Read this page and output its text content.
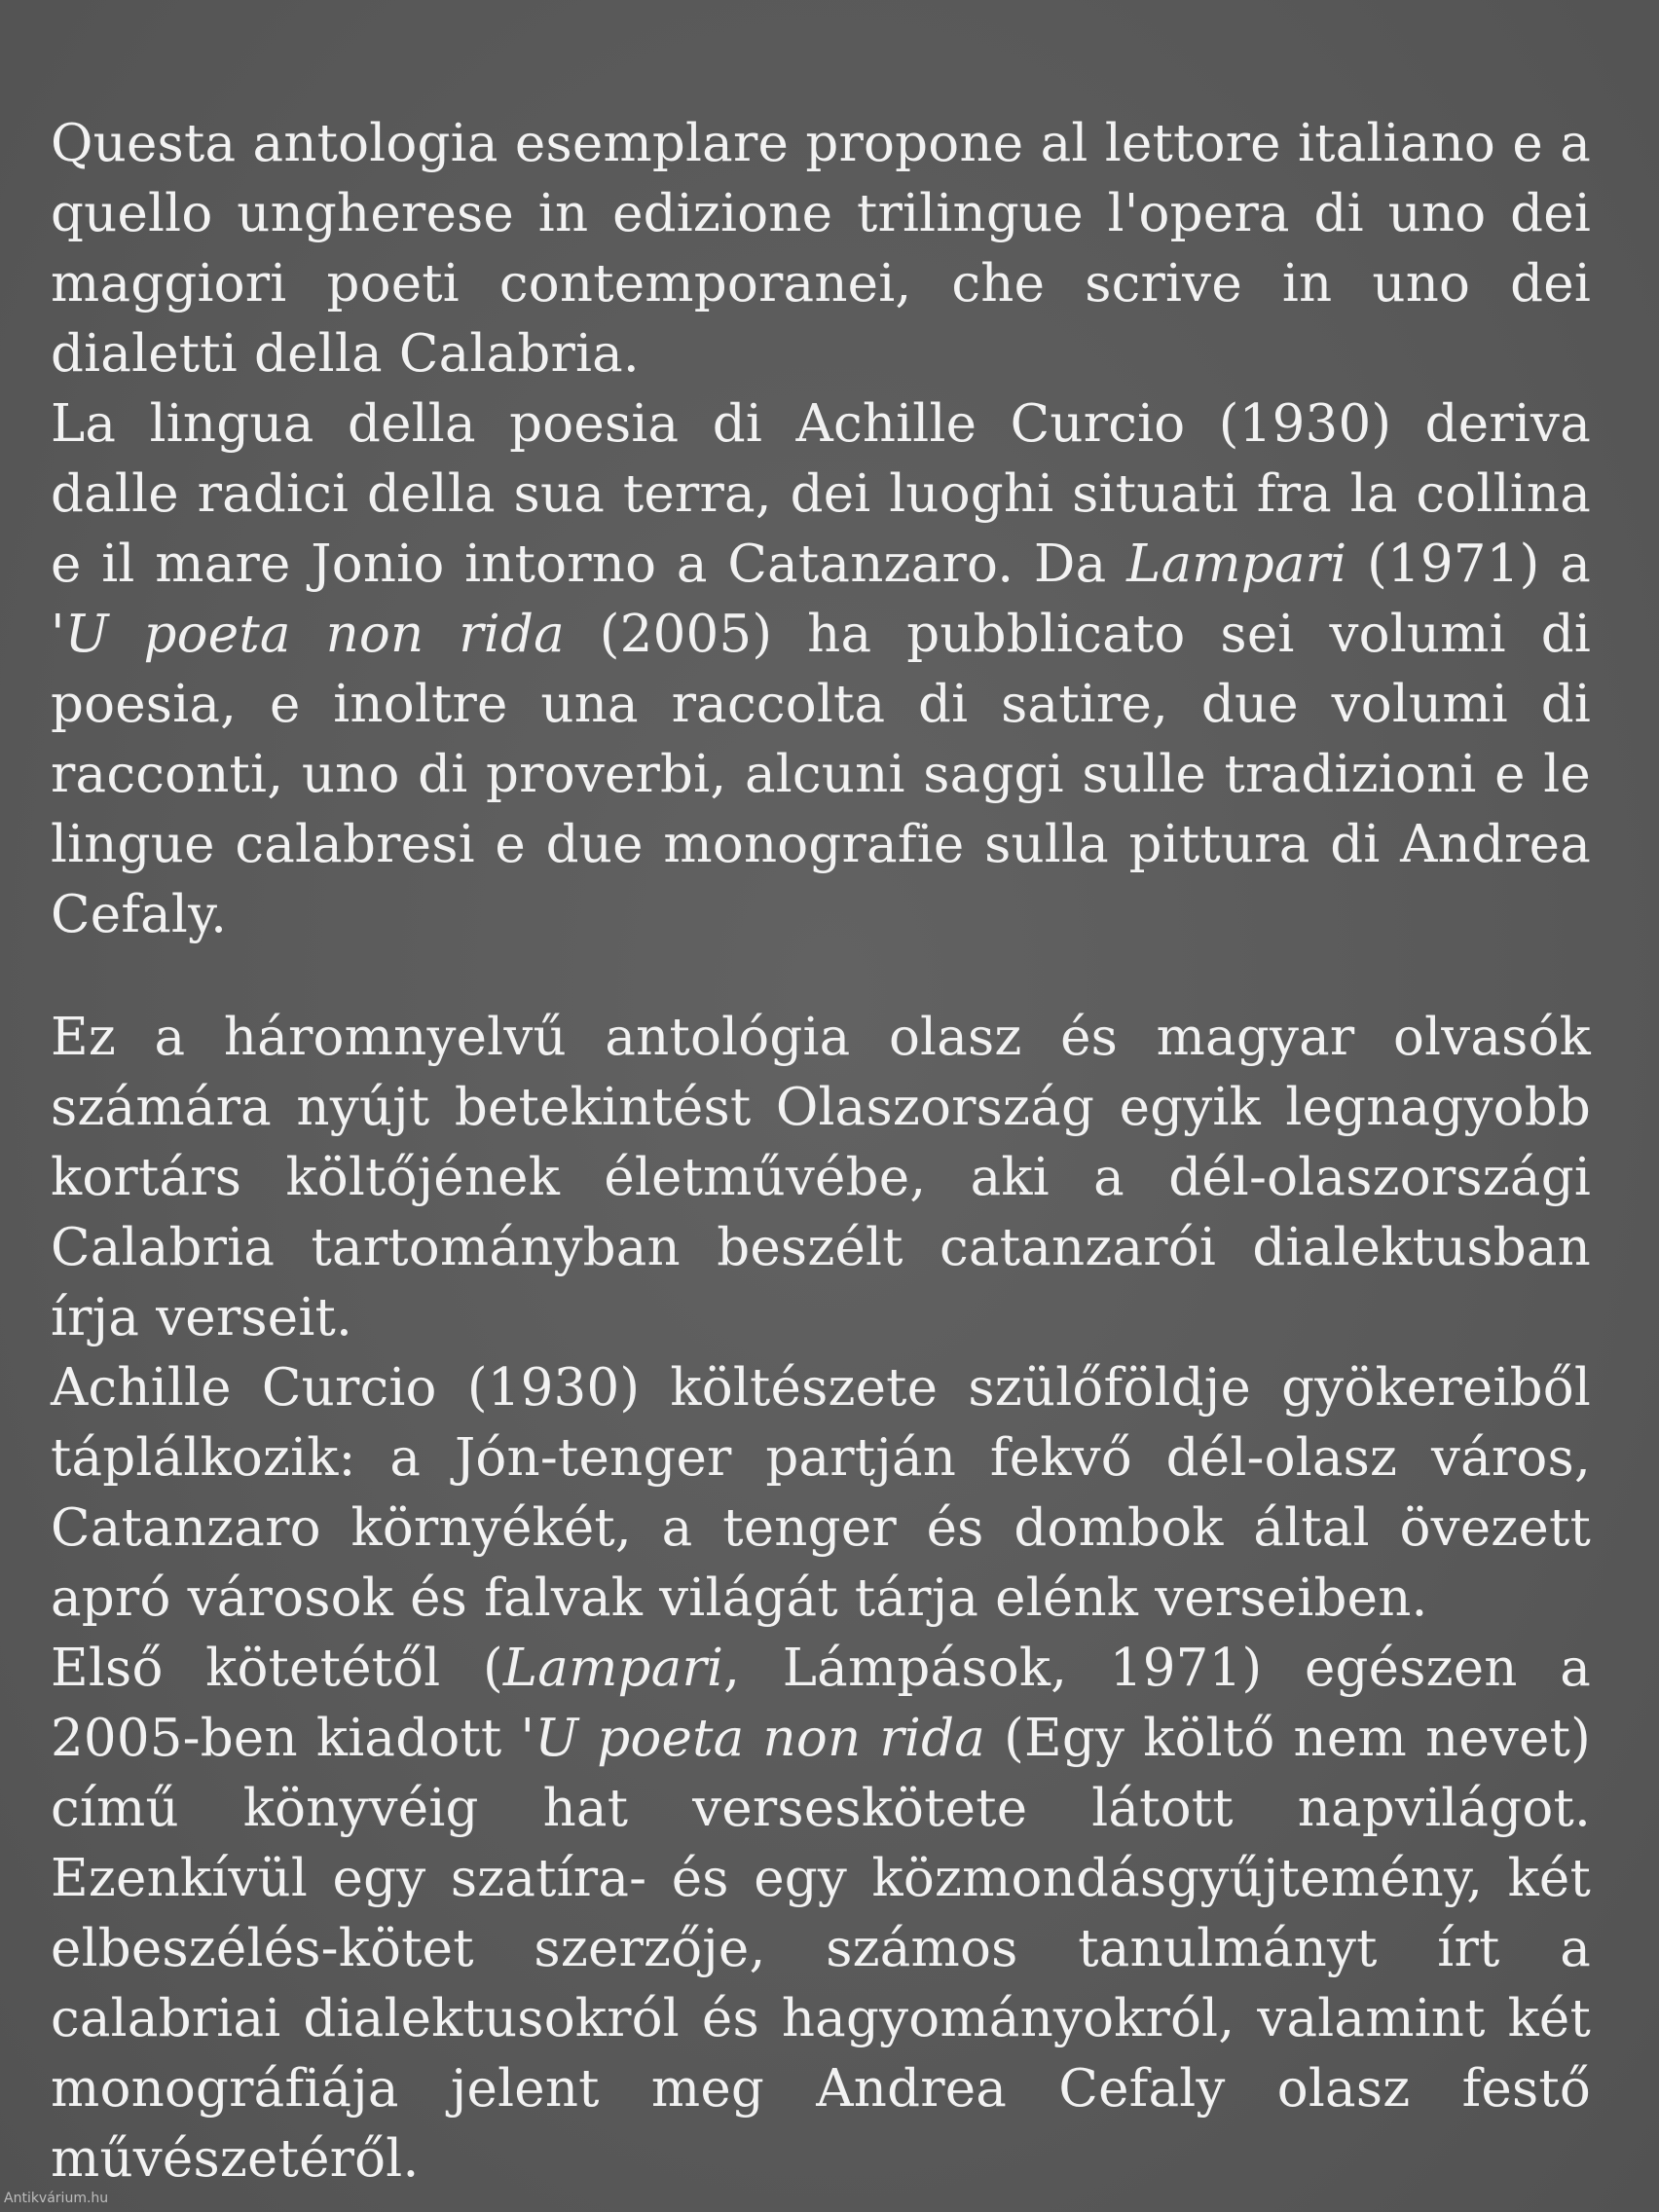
Questa antologia esemplare propone al lettore italiano e a quello ungherese in edizione trilingue l'opera di uno dei maggiori poeti contemporanei, che scrive in uno dei dialetti della Calabria.

La lingua della poesia di Achille Curcio (1930) deriva dalle radici della sua terra, dei luoghi situati fra la collina e il mare Jonio intorno a Catanzaro. Da Lampari (1971) a 'U poeta non rida (2005) ha pubblicato sei volumi di poesia, e inoltre una raccolta di satire, due volumi di racconti, uno di proverbi, alcuni saggi sulle tradizioni e le lingue calabresi e due monografie sulla pittura di Andrea Cefaly.

Ez a háromnyelvű antológia olasz és magyar olvasók számára nyújt betekintést Olaszország egyik legnagyobb kortárs költőjének életművébe, aki a dél-olaszországi Calabria tartományban beszélt catanzarói dialektusban írja verseit.

Achille Curcio (1930) költészete szülőföldje gyökereiből táplálkozik: a Jón-tenger partján fekvő dél-olasz város, Catanzaro környékét, a tenger és dombok által övezett apró városok és falvak világát tárja elénk verseiben.

Első kötetétől (Lampari, Lámpások, 1971) egészen a 2005-ben kiadott 'U poeta non rida (Egy költő nem nevet) című könyvéig hat verseskötete látott napvilágot. Ezenkívül egy szatíra- és egy közmondásgyűjtemény, két elbeszélés-kötet szerzője, számos tanulmányt írt a calabriai dialektusokról és hagyományokról, valamint két monográfiája jelent meg Andrea Cefaly olasz festő művészetéről.

Antikvárium.hu
